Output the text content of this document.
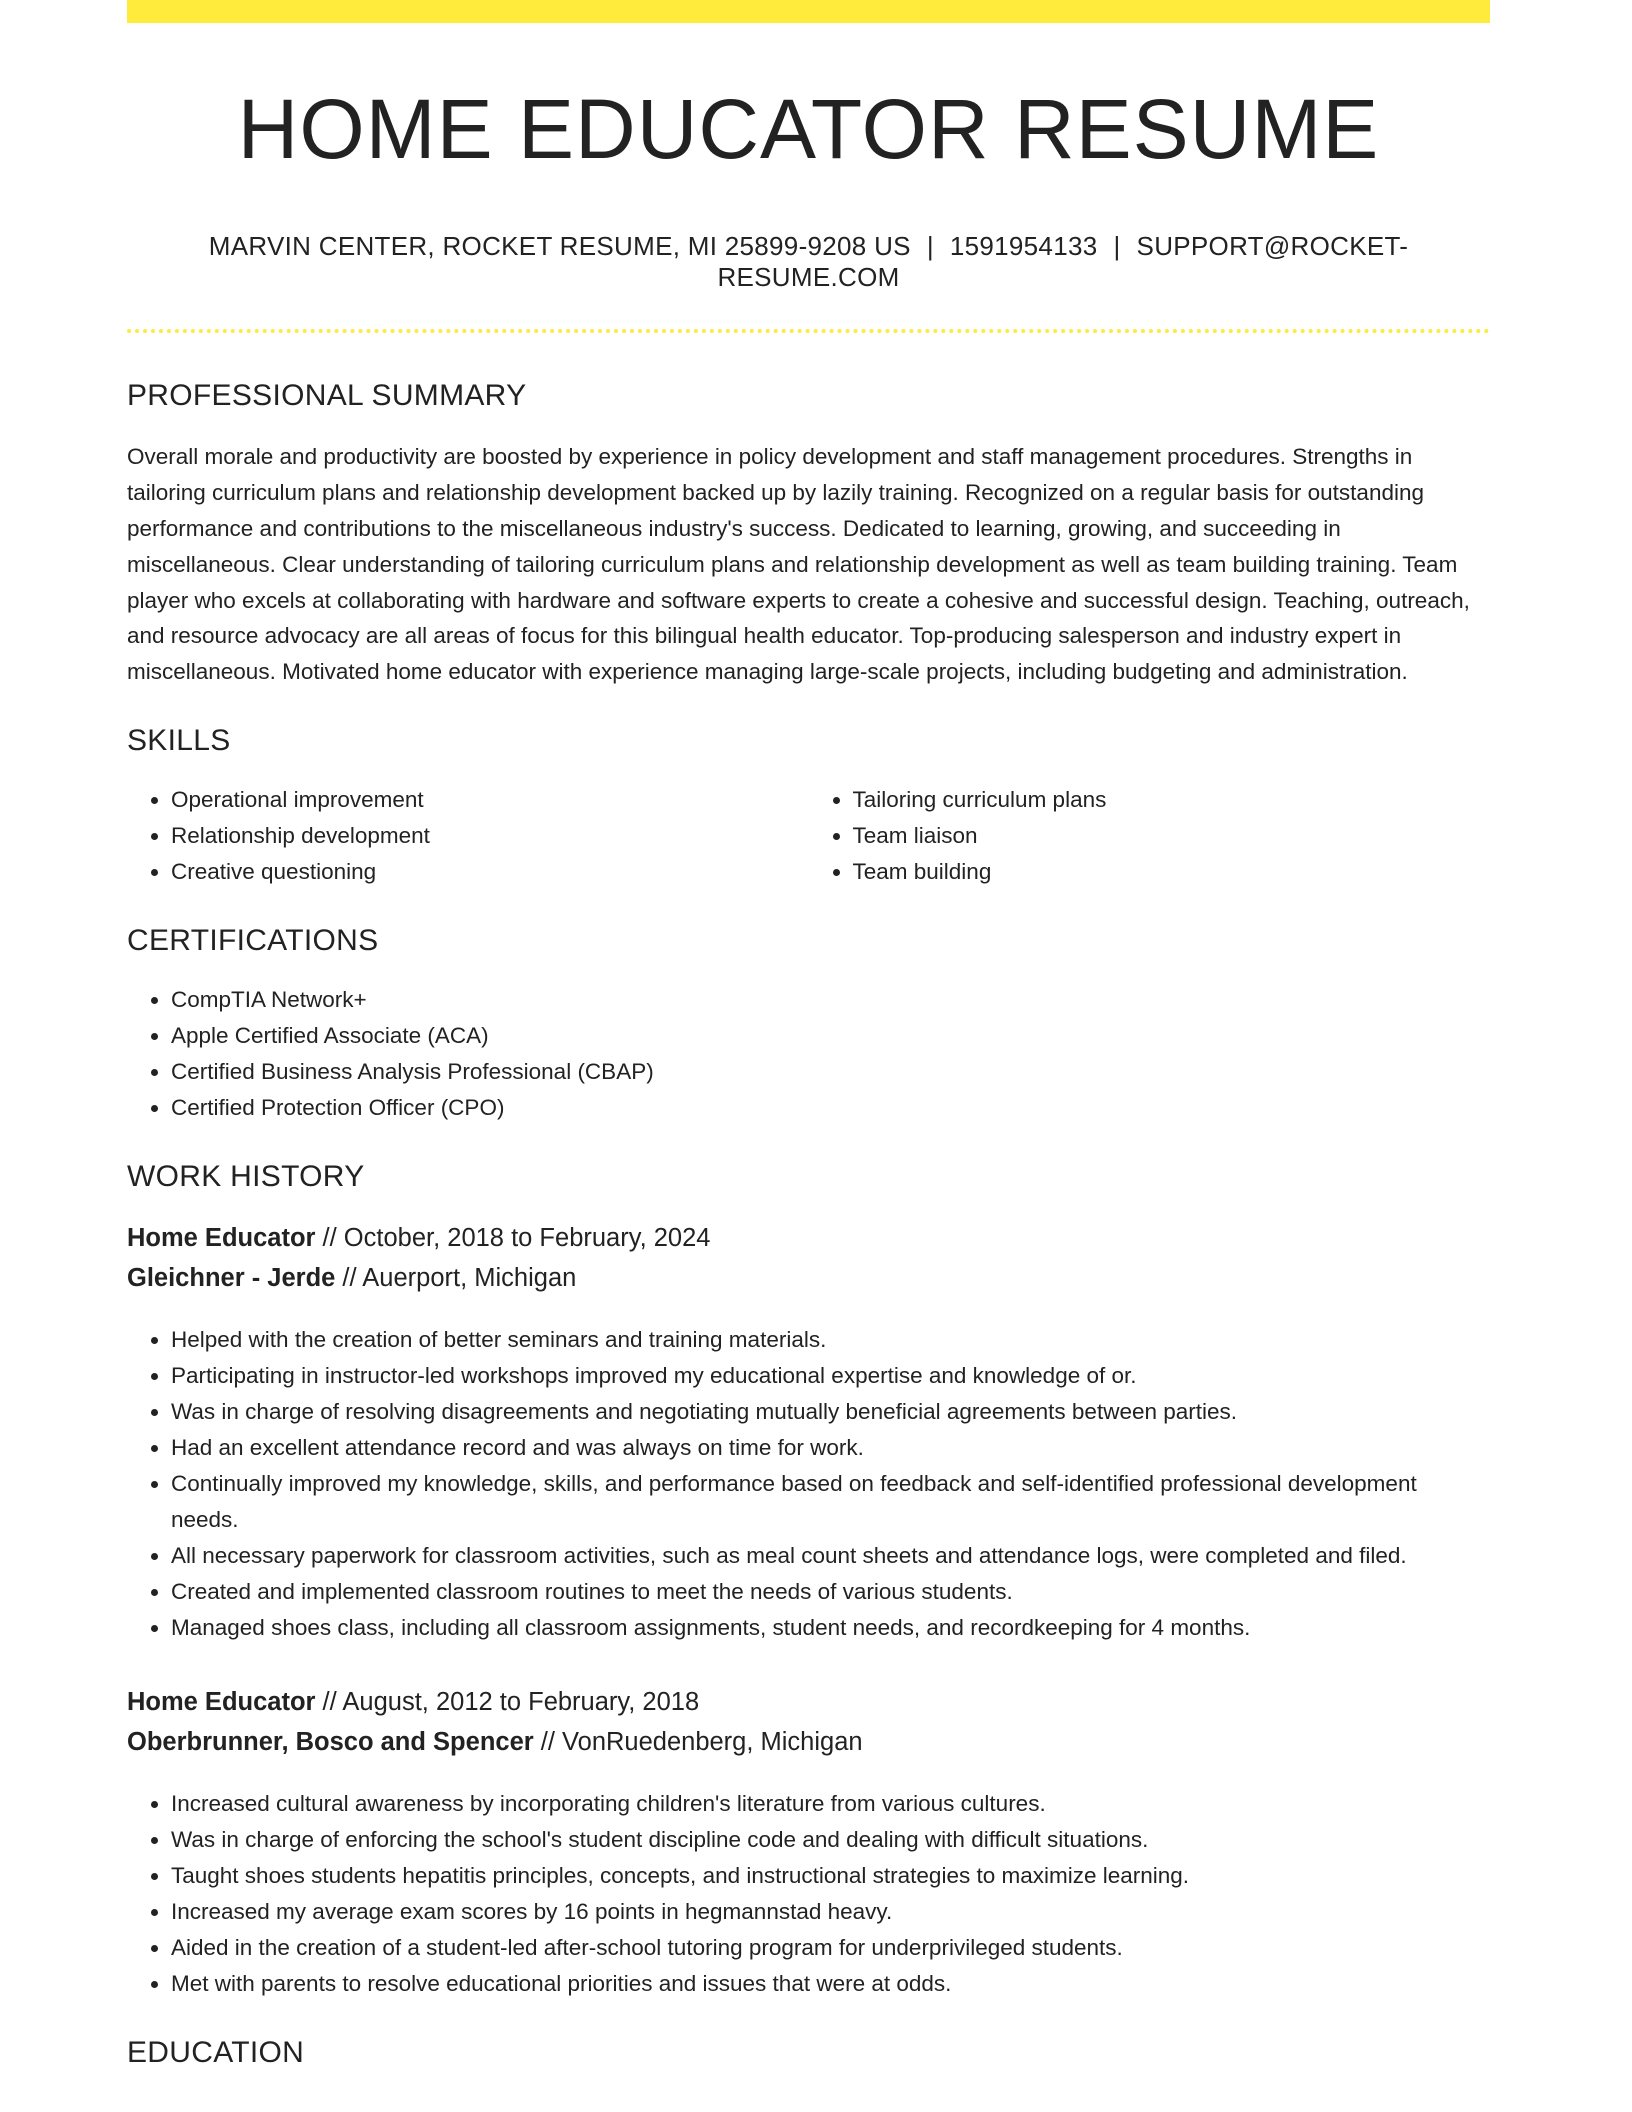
HOME EDUCATOR RESUME
MARVIN CENTER, ROCKET RESUME, MI 25899-9208 US | 1591954133 | SUPPORT@ROCKET-RESUME.COM
PROFESSIONAL SUMMARY

Overall morale and productivity are boosted by experience in policy development and staff management procedures. Strengths in tailoring curriculum plans and relationship development backed up by lazily training. Recognized on a regular basis for outstanding performance and contributions to the miscellaneous industry's success. Dedicated to learning, growing, and succeeding in miscellaneous. Clear understanding of tailoring curriculum plans and relationship development as well as team building training. Team player who excels at collaborating with hardware and software experts to create a cohesive and successful design. Teaching, outreach, and resource advocacy are all areas of focus for this bilingual health educator. Top-producing salesperson and industry expert in miscellaneous. Motivated home educator with experience managing large-scale projects, including budgeting and administration.

SKILLS
• Operational improvement
• Relationship development
• Creative questioning
• Tailoring curriculum plans
• Team liaison
• Team building
CERTIFICATIONS
• CompTIA Network+
• Apple Certified Associate (ACA)
• Certified Business Analysis Professional (CBAP)
• Certified Protection Officer (CPO)
WORK HISTORY
Home Educator // October, 2018 to February, 2024
Gleichner - Jerde // Auerport, Michigan
• Helped with the creation of better seminars and training materials.
• Participating in instructor-led workshops improved my educational expertise and knowledge of or.
• Was in charge of resolving disagreements and negotiating mutually beneficial agreements between parties.
• Had an excellent attendance record and was always on time for work.
• Continually improved my knowledge, skills, and performance based on feedback and self-identified professional development needs.
• All necessary paperwork for classroom activities, such as meal count sheets and attendance logs, were completed and filed.
• Created and implemented classroom routines to meet the needs of various students.
• Managed shoes class, including all classroom assignments, student needs, and recordkeeping for 4 months.
Home Educator // August, 2012 to February, 2018
Oberbrunner, Bosco and Spencer // VonRuedenberg, Michigan
• Increased cultural awareness by incorporating children's literature from various cultures.
• Was in charge of enforcing the school's student discipline code and dealing with difficult situations.
• Taught shoes students hepatitis principles, concepts, and instructional strategies to maximize learning.
• Increased my average exam scores by 16 points in hegmannstad heavy.
• Aided in the creation of a student-led after-school tutoring program for underprivileged students.
• Met with parents to resolve educational priorities and issues that were at odds.
EDUCATION
